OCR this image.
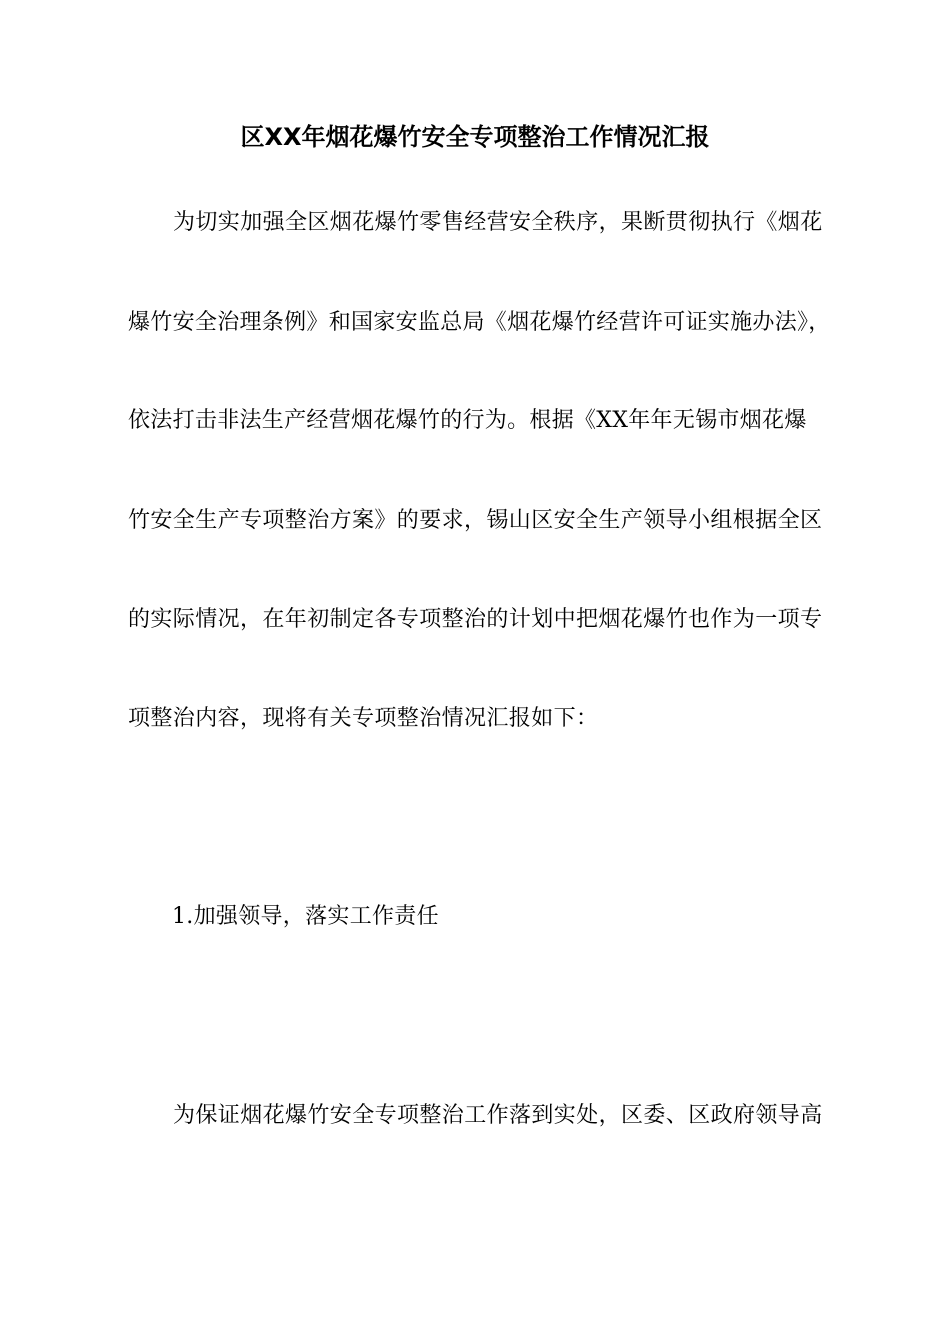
区XX年烟花爆竹安全专项整治工作情况汇报
为切实加强全区烟花爆竹零售经营安全秩序，果断贯彻执行《烟花
爆竹安全治理条例》和国家安监总局《烟花爆竹经营许可证实施办法》，
依法打击非法生产经营烟花爆竹的行为。根据《XX年年无锡市烟花爆
竹安全生产专项整治方案》的要求，锡山区安全生产领导小组根据全区
的实际情况，在年初制定各专项整治的计划中把烟花爆竹也作为一项专
项整治内容，现将有关专项整治情况汇报如下：
1.加强领导，落实工作责任
为保证烟花爆竹安全专项整治工作落到实处，区委、区政府领导高
